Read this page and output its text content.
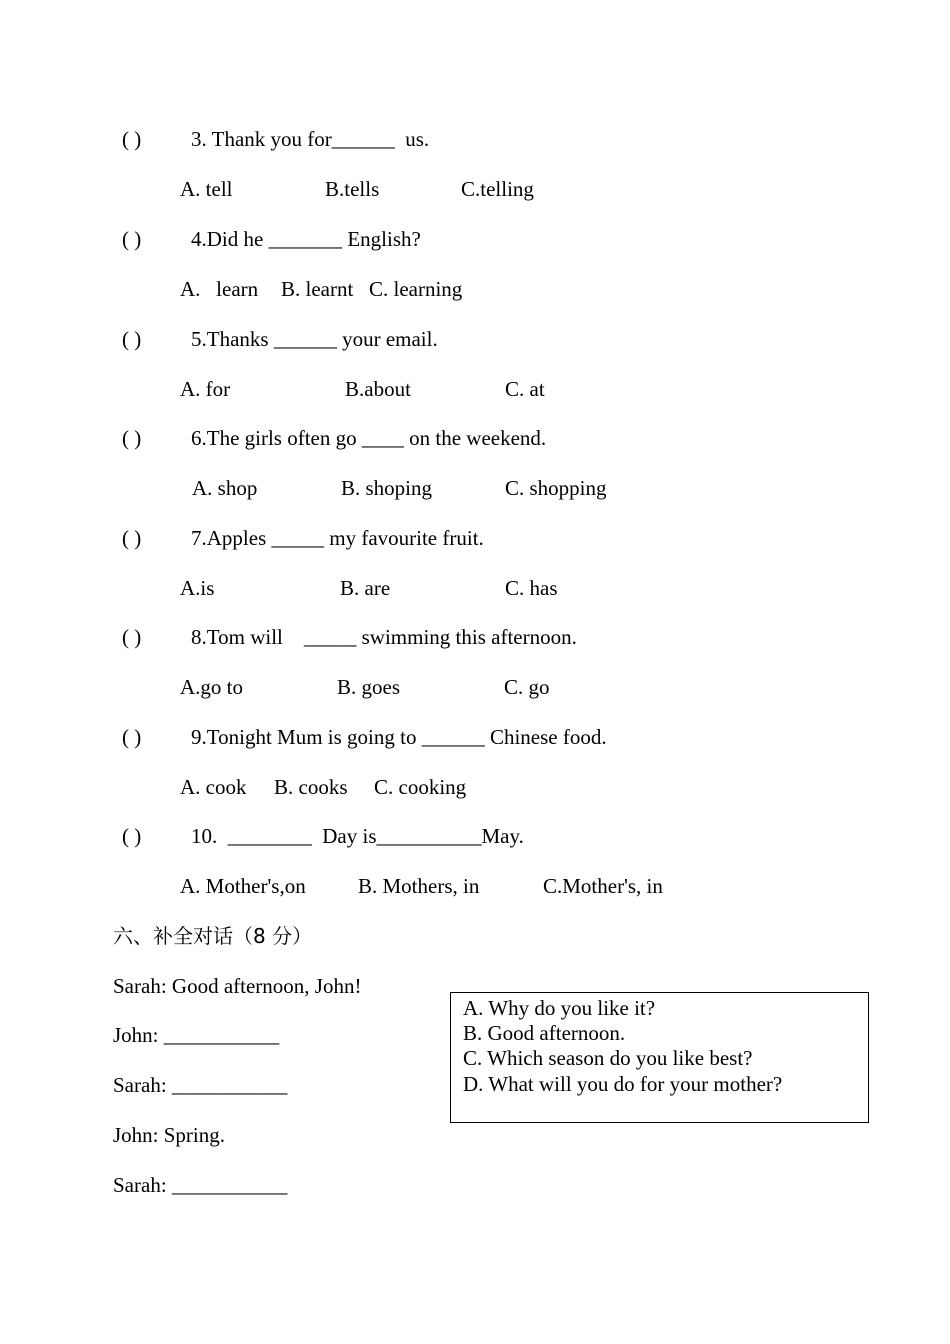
( ) 3. Thank you for______  us.
A. tell	B.tells	C.telling
( ) 4.Did he _______ English?
A.   learn B. learnt C. learning
( ) 5.Thanks ______ your email.
A. for	B.about	C. at
( ) 6.The girls often go ____ on the weekend.
A. shop	B. shoping	C. shopping
( ) 7.Apples _____ my favourite fruit.
A.is	B. are	C. has
( ) 8.Tom will    _____ swimming this afternoon.
A.go to	B. goes	C. go
( ) 9.Tonight Mum is going to ______ Chinese food.
A. cook B. cooks C. cooking
( ) 10.  ________  Day is__________May.
A. Mother's,on B. Mothers, in	C.Mother's, in
六、补全对话（8 分）
Sarah: Good afternoon, John!
John: ___________
Sarah: ___________
John: Spring.
Sarah: ___________
A. Why do you like it?
B. Good afternoon.
C. Which season do you like best?
D. What will you do for your mother?
